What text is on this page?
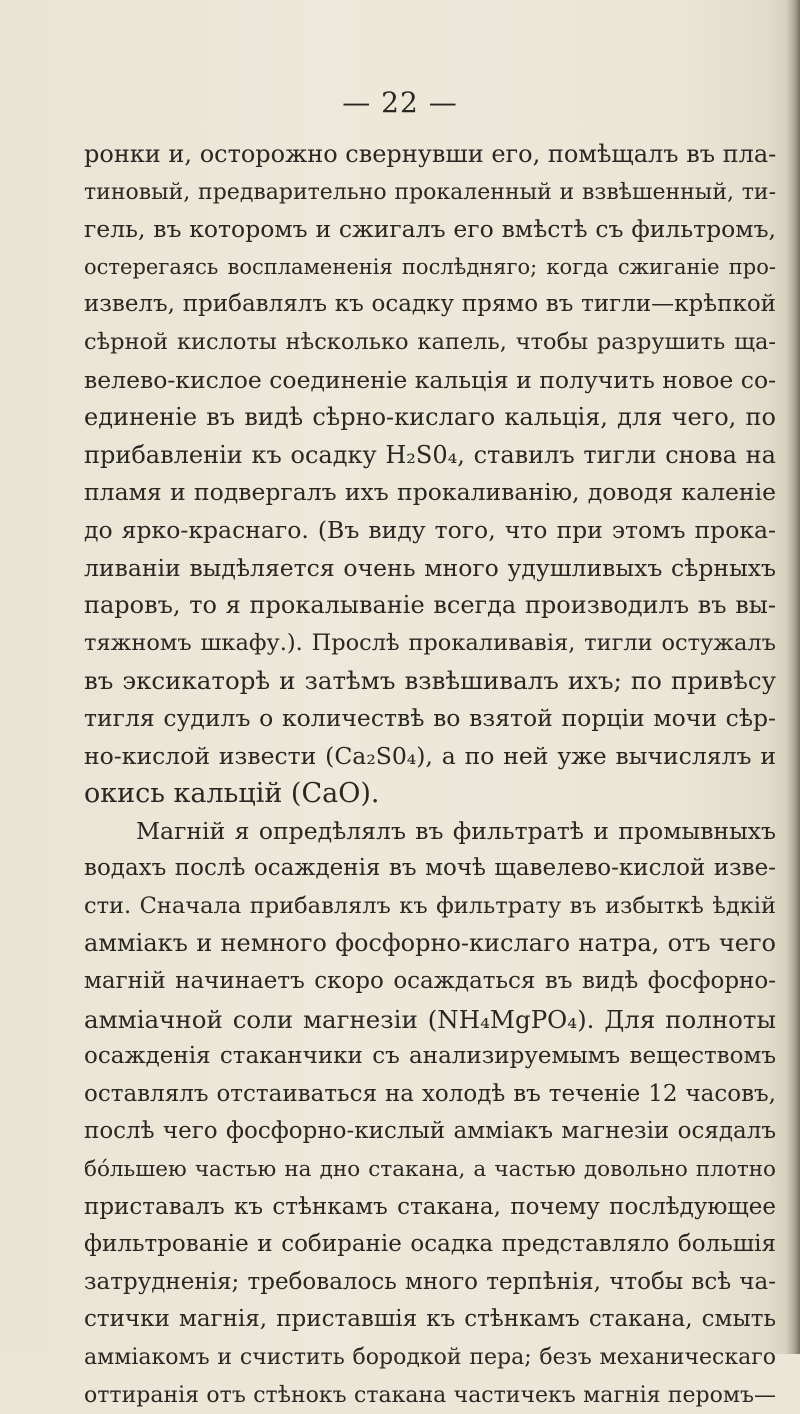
— 22 —
ронки и, осторожно свернувши его, помѣщалъ въ пла-
тиновый, предварительно прокаленный и взвѣшенный, ти-
гель, въ которомъ и сжигалъ его вмѣстѣ съ фильтромъ,
остерегаясь воспламененія послѣдняго; когда сжиганіе про-
извелъ, прибавлялъ къ осадку прямо въ тигли—крѣпкой
сѣрной кислоты нѣсколько капель, чтобы разрушить ща-
велево-кислое соединеніе кальція и получить новое со-
единеніе въ видѣ сѣрно-кислаго кальція, для чего, по
прибавленіи къ осадку H₂S0₄, ставилъ тигли снова на
пламя и подвергалъ ихъ прокаливанію, доводя каленіе
до ярко-краснаго. (Въ виду того, что при этомъ прока-
ливаніи выдѣляется очень много удушливыхъ сѣрныхъ
паровъ, то я прокалываніе всегда производилъ въ вы-
тяжномъ шкафу.). Прослѣ прокаливавія, тигли остужалъ
въ эксикаторѣ и затѣмъ взвѣшивалъ ихъ; по привѣсу
тигля судилъ о количествѣ во взятой порціи мочи сѣр-
но-кислой извести (Ca₂S0₄), а по ней уже вычислялъ и
окись кальцій (CaO).
Магній я опредѣлялъ въ фильтратѣ и промывныхъ
водахъ послѣ осажденія въ мочѣ щавелево-кислой изве-
сти. Сначала прибавлялъ къ фильтрату въ избыткѣ ѣдкій
амміакъ и немного фосфорно-кислаго натра, отъ чего
магній начинаетъ скоро осаждаться въ видѣ фосфорно-
амміачной соли магнезіи (NH₄MgPO₄). Для полноты
осажденія стаканчики съ анализируемымъ веществомъ
оставлялъ отстаиваться на холодѣ въ теченіе 12 часовъ,
послѣ чего фосфорно-кислый амміакъ магнезіи осядалъ
бóльшею частью на дно стакана, а частью довольно плотно
приставалъ къ стѣнкамъ стакана, почему послѣдующее
фильтрованіе и собираніе осадка представляло большія
затрудненія; требовалось много терпѣнія, чтобы всѣ ча-
стички магнія, приставшія къ стѣнкамъ стакана, смыть
амміакомъ и счистить бородкой пера; безъ механическаго
оттиранія отъ стѣнокъ стакана частичекъ магнія перомъ—
